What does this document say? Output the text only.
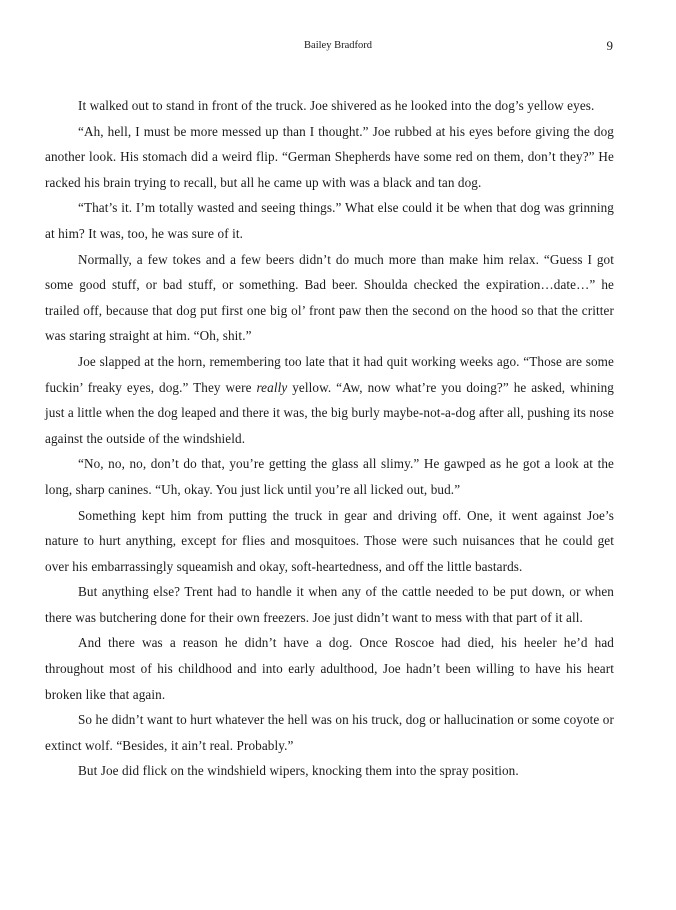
Bailey Bradford	9

It walked out to stand in front of the truck. Joe shivered as he looked into the dog’s yellow eyes.

“Ah, hell, I must be more messed up than I thought.” Joe rubbed at his eyes before giving the dog another look. His stomach did a weird flip. “German Shepherds have some red on them, don’t they?” He racked his brain trying to recall, but all he came up with was a black and tan dog.

“That’s it. I’m totally wasted and seeing things.” What else could it be when that dog was grinning at him? It was, too, he was sure of it.

Normally, a few tokes and a few beers didn’t do much more than make him relax. “Guess I got some good stuff, or bad stuff, or something. Bad beer. Shoulda checked the expiration…date…” he trailed off, because that dog put first one big ol’ front paw then the second on the hood so that the critter was staring straight at him. “Oh, shit.”

Joe slapped at the horn, remembering too late that it had quit working weeks ago. “Those are some fuckin’ freaky eyes, dog.” They were really yellow. “Aw, now what’re you doing?” he asked, whining just a little when the dog leaped and there it was, the big burly maybe-not-a-dog after all, pushing its nose against the outside of the windshield.

“No, no, no, don’t do that, you’re getting the glass all slimy.” He gawped as he got a look at the long, sharp canines. “Uh, okay. You just lick until you’re all licked out, bud.”

Something kept him from putting the truck in gear and driving off. One, it went against Joe’s nature to hurt anything, except for flies and mosquitoes. Those were such nuisances that he could get over his embarrassingly squeamish and okay, soft-heartedness, and off the little bastards.

But anything else? Trent had to handle it when any of the cattle needed to be put down, or when there was butchering done for their own freezers. Joe just didn’t want to mess with that part of it all.

And there was a reason he didn’t have a dog. Once Roscoe had died, his heeler he’d had throughout most of his childhood and into early adulthood, Joe hadn’t been willing to have his heart broken like that again.

So he didn’t want to hurt whatever the hell was on his truck, dog or hallucination or some coyote or extinct wolf. “Besides, it ain’t real. Probably.”

But Joe did flick on the windshield wipers, knocking them into the spray position.
